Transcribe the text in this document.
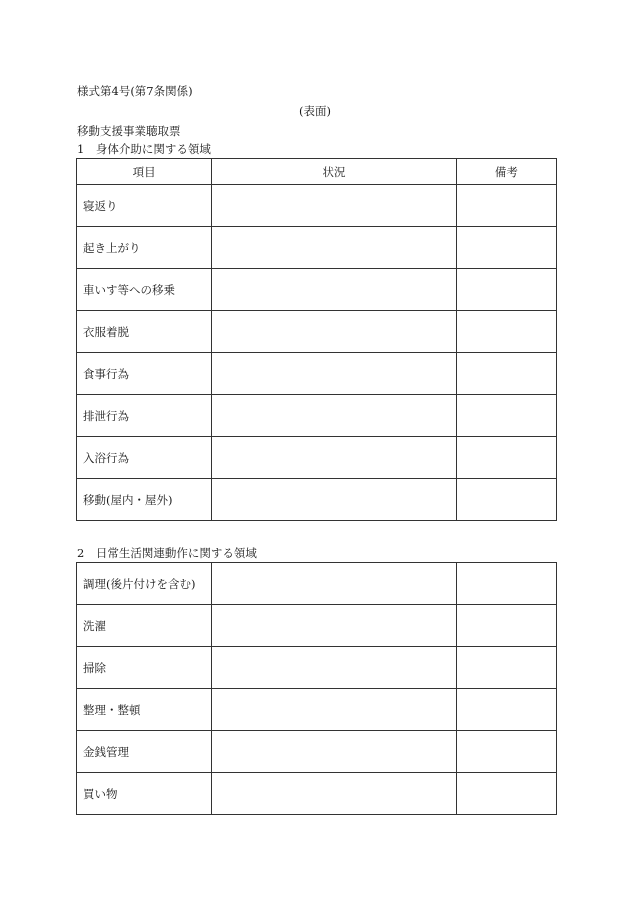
様式第4号(第7条関係)
(表面)
移動支援事業聴取票
1　身体介助に関する領域
項目	状況	備考
寝返り		
起き上がり		
車いす等への移乗		
衣服着脱		
食事行為		
排泄行為		
入浴行為		
移動(屋内・屋外)		
2　日常生活関連動作に関する領域
調理(後片付けを含む)		
洗濯		
掃除		
整理・整頓		
金銭管理		
買い物		
